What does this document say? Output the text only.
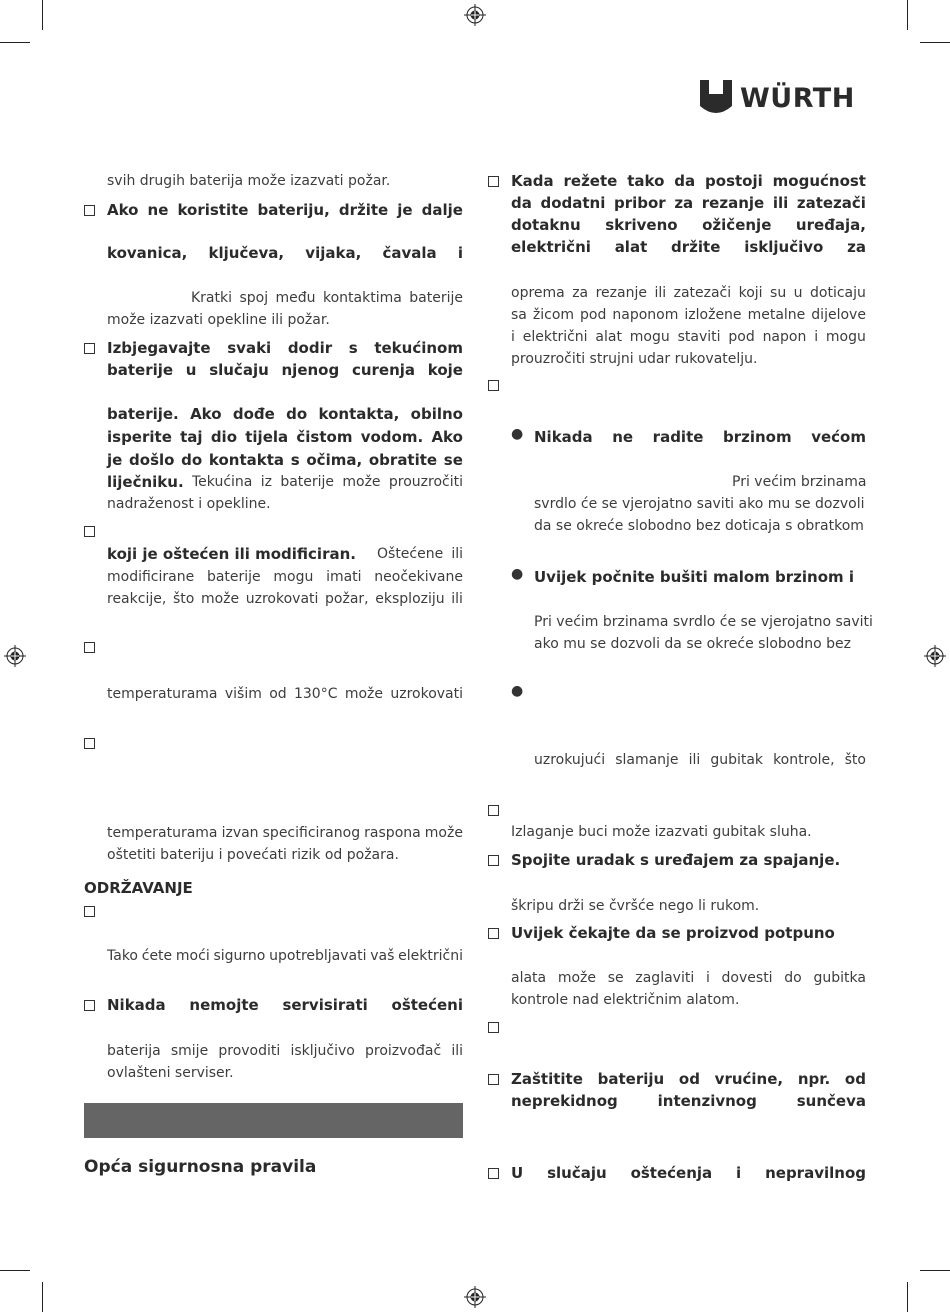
WÜRTH
svih drugih baterija može izazvati požar.
Ako ne koristite bateriju, držite je dalje
kovanica, ključeva, vijaka, čavala i
Kratki spoj među kontaktima baterije
može izazvati opekline ili požar.
Izbjegavajte svaki dodir s tekućinom
baterije u slučaju njenog curenja koje
baterije. Ako dođe do kontakta, obilno
isperite taj dio tijela čistom vodom. Ako
je došlo do kontakta s očima, obratite se
liječniku. Tekućina iz baterije može prouzročiti
nadraženost i opekline.
koji je oštećen ili modificiran. Oštećene ili
modificirane baterije mogu imati neočekivane
reakcije, što može uzrokovati požar, eksploziju ili
temperaturama višim od 130°C može uzrokovati
temperaturama izvan specificiranog raspona može
oštetiti bateriju i povećati rizik od požara.
ODRŽAVANJE
Tako ćete moći sigurno upotrebljavati vaš električni
Nikada nemojte servisirati oštećeni
baterija smije provoditi isključivo proizvođač ili
ovlašteni serviser.
Opća sigurnosna pravila
Kada režete tako da postoji mogućnost
da dodatni pribor za rezanje ili zatezači
dotaknu skriveno ožičenje uređaja,
električni alat držite isključivo za
oprema za rezanje ili zatezači koji su u doticaju
sa žicom pod naponom izložene metalne dijelove
i električni alat mogu staviti pod napon i mogu
prouzročiti strujni udar rukovatelju.
● Nikada ne radite brzinom većom
Pri većim brzinama
svrdlo će se vjerojatno saviti ako mu se dozvoli
da se okreće slobodno bez doticaja s obratkom
● Uvijek počnite bušiti malom brzinom i
Pri većim brzinama svrdlo će se vjerojatno saviti
ako mu se dozvoli da se okreće slobodno bez
●
uzrokujući slamanje ili gubitak kontrole, što
Izlaganje buci može izazvati gubitak sluha.
Spojite uradak s uređajem za spajanje.
škripu drži se čvršće nego li rukom.
Uvijek čekajte da se proizvod potpuno
alata može se zaglaviti i dovesti do gubitka
kontrole nad električnim alatom.
Zaštitite bateriju od vrućine, npr. od
neprekidnog	intenzivnog	sunčeva
U slučaju oštećenja i nepravilnog
